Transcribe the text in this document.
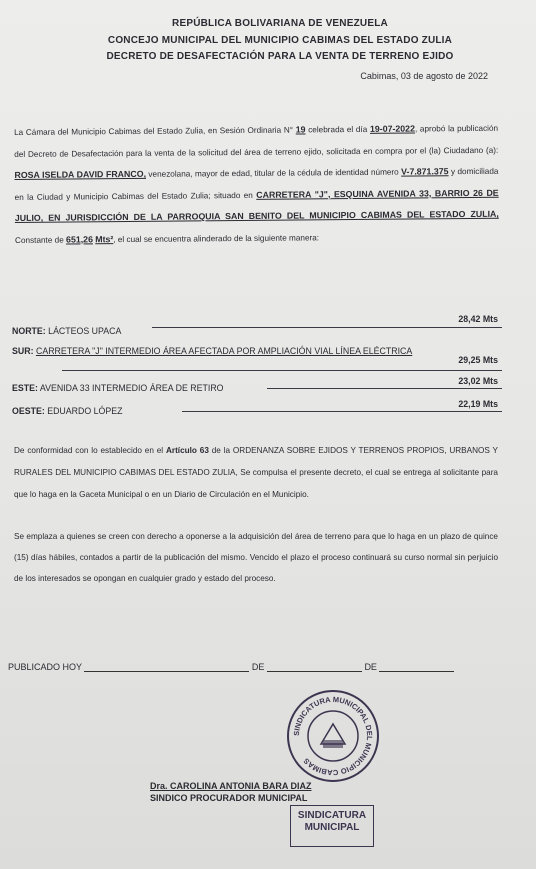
REPÚBLICA BOLIVARIANA DE VENEZUELA
CONCEJO MUNICIPAL DEL MUNICIPIO CABIMAS DEL ESTADO ZULIA
DECRETO DE DESAFECTACIÓN PARA LA VENTA DE TERRENO EJIDO
Cabimas, 03 de agosto de 2022
La Cámara del Municipio Cabimas del Estado Zulia, en Sesión Ordinaria N° 19 celebrada el día 19-07-2022, aprobó la publicación del Decreto de Desafectación para la venta de la solicitud del área de terreno ejido, solicitada en compra por el (la) Ciudadano (a): ROSA ISELDA DAVID FRANCO, venezolana, mayor de edad, titular de la cédula de identidad número V-7.871.375 y domiciliada en la Ciudad y Municipio Cabimas del Estado Zulia; situado en CARRETERA "J", ESQUINA AVENIDA 33, BARRIO 26 DE JULIO, EN JURISDICCIÓN DE LA PARROQUIA SAN BENITO DEL MUNICIPIO CABIMAS DEL ESTADO ZULIA, Constante de 651,26 Mts², el cual se encuentra alinderado de la siguiente manera:
28,42 Mts
NORTE: LÁCTEOS UPACA
SUR: CARRETERA "J" INTERMEDIO ÁREA AFECTADA POR AMPLIACIÓN VIAL LÍNEA ELÉCTRICA
29,25 Mts
ESTE: AVENIDA 33 INTERMEDIO ÁREA DE RETIRO
23,02 Mts
OESTE: EDUARDO LÓPEZ
22,19 Mts
De conformidad con lo establecido en el Artículo 63 de la ORDENANZA SOBRE EJIDOS Y TERRENOS PROPIOS, URBANOS Y RURALES DEL MUNICIPIO CABIMAS DEL ESTADO ZULIA, Se compulsa el presente decreto, el cual se entrega al solicitante para que lo haga en la Gaceta Municipal o en un Diario de Circulación en el Municipio.
Se emplaza a quienes se creen con derecho a oponerse a la adquisición del área de terreno para que lo haga en un plazo de quince (15) días hábiles, contados a partir de la publicación del mismo. Vencido el plazo el proceso continuará su curso normal sin perjuicio de los interesados se opongan en cualquier grado y estado del proceso.
PUBLICADO HOY	DE	DE
SINDICATURA MUNICIPAL DEL MUNICIPIO CABIMAS
Dra. CAROLINA ANTONIA BARA DIAZ
SINDICO PROCURADOR MUNICIPAL
SINDICATURA
MUNICIPAL
